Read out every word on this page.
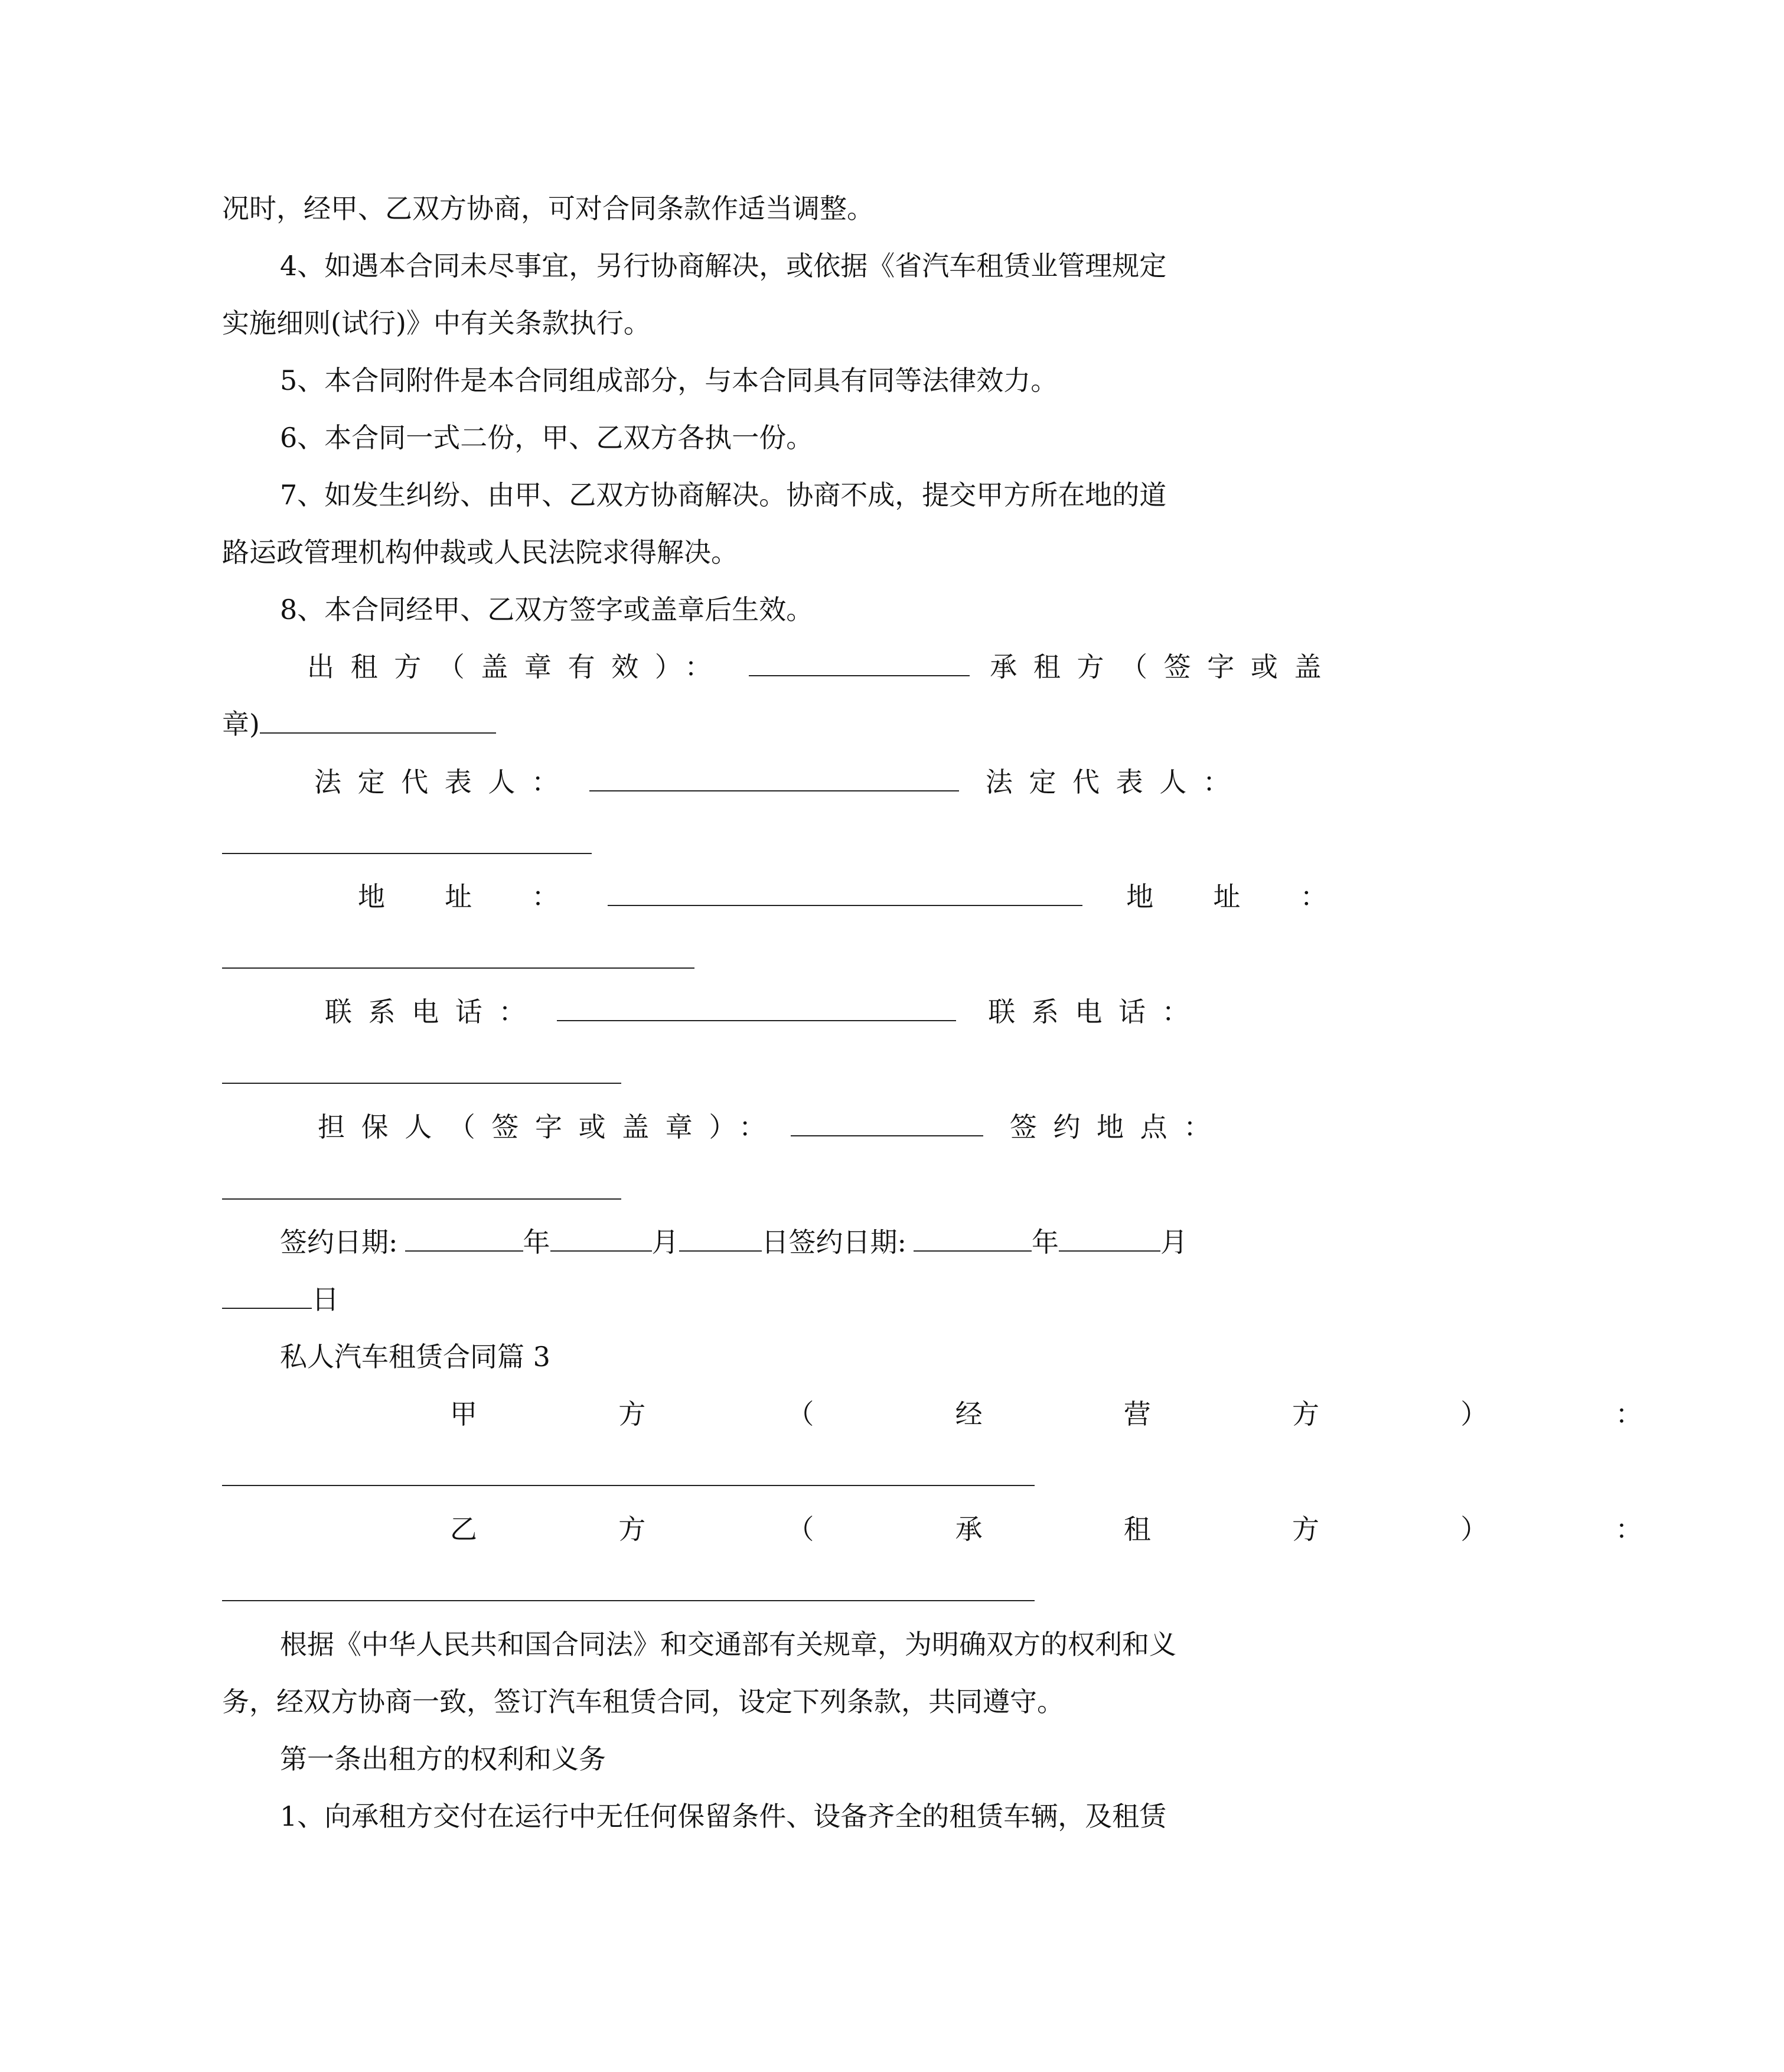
况时，经甲、乙双方协商，可对合同条款作适当调整。
4、如遇本合同未尽事宜，另行协商解决，或依据《省汽车租赁业管理规定
实施细则(试行)》中有关条款执行。
5、本合同附件是本合同组成部分，与本合同具有同等法律效力。
6、本合同一式二份，甲、乙双方各执一份。
7、如发生纠纷、由甲、乙双方协商解决。协商不成，提交甲方所在地的道
路运政管理机构仲裁或人民法院求得解决。
8、本合同经甲、乙双方签字或盖章后生效。
出租方（盖章有效）：	承租方（签字或盖
章)
法定代表人：	法定代表人：
地　址　：	地　址　：
联系电话：	联系电话：
担保人（签字或盖章）：	签约地点：
签约日期:	年	月	日签约日期:	年	月
日
私人汽车租赁合同篇 3
甲方（经营方）：
乙方（承租方）：
根据《中华人民共和国合同法》和交通部有关规章，为明确双方的权利和义
务，经双方协商一致，签订汽车租赁合同，设定下列条款，共同遵守。
第一条出租方的权利和义务
1、向承租方交付在运行中无任何保留条件、设备齐全的租赁车辆，及租赁
